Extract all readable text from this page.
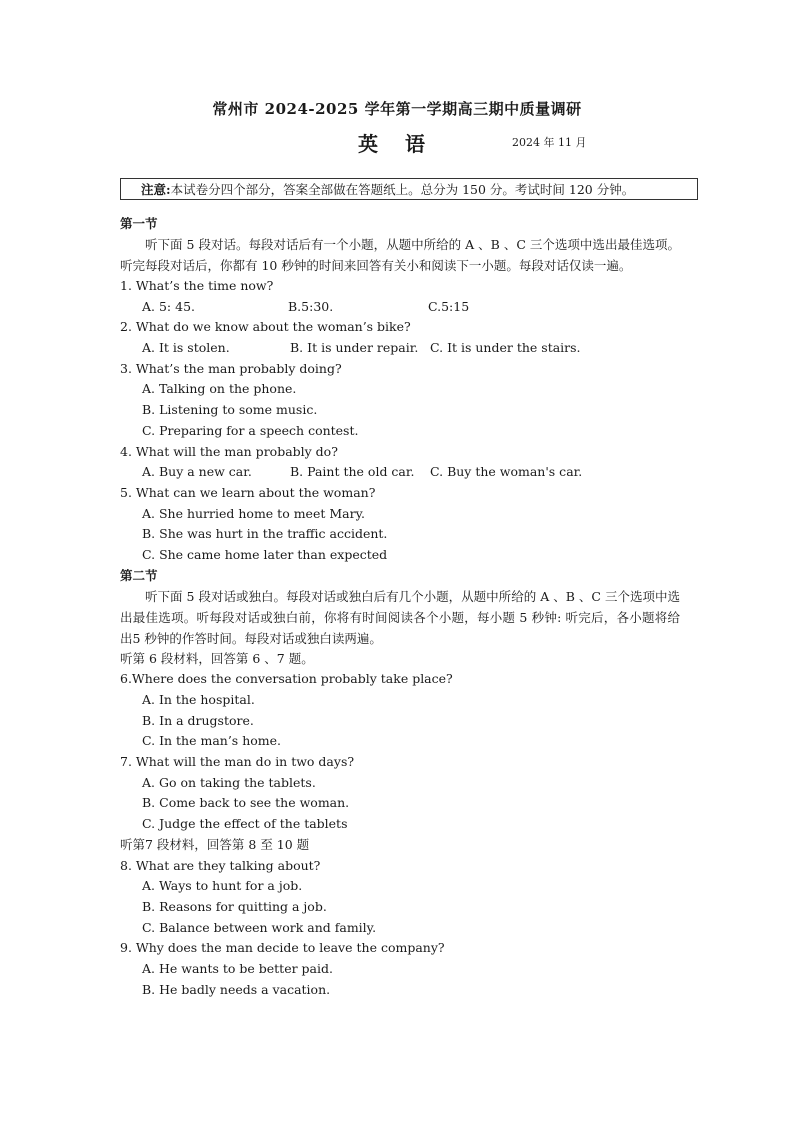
常州市 2024-2025 学年第一学期高三期中质量调研
英 语	2024 年 11 月
注意:本试卷分四个部分，答案全部做在答题纸上。总分为 150 分。考试时间 120 分钟。
第一节
听下面 5 段对话。每段对话后有一个小题，从题中所给的 A 、B 、C 三个选项中选出最佳选项。听完每段对话后，你都有 10 秒钟的时间来回答有关小和阅读下一小题。每段对话仅读一遍。
1. What’s the time now?
A. 5: 45.	B.5:30.	C.5:15
2. What do we know about the woman’s bike?
A. It is stolen.	B. It is under repair. C. It is under the stairs.
3. What’s the man probably doing?
A. Talking on the phone.
B. Listening to some music.
C. Preparing for a speech contest.
4. What will the man probably do?
A. Buy a new car.	B. Paint the old car.	C. Buy the woman's car.
5. What can we learn about the woman?
A. She hurried home to meet Mary.
B. She was hurt in the traffic accident.
C. She came home later than expected
第二节
听下面 5 段对话或独白。每段对话或独白后有几个小题，从题中所给的 A 、B 、C 三个选项中选出最佳选项。听每段对话或独白前，你将有时间阅读各个小题，每小题 5 秒钟: 听完后，各小题将给出5 秒钟的作答时间。每段对话或独白读两遍。
听第 6 段材料，回答第 6 、7 题。
6.Where does the conversation probably take place?
A. In the hospital.
B. In a drugstore.
C. In the man’s home.
7. What will the man do in two days?
A. Go on taking the tablets.
B. Come back to see the woman.
C. Judge the effect of the tablets
听第7 段材料，回答第 8 至 10 题
8. What are they talking about?
A. Ways to hunt for a job.
B. Reasons for quitting a job.
C. Balance between work and family.
9. Why does the man decide to leave the company?
A. He wants to be better paid.
B. He badly needs a vacation.
